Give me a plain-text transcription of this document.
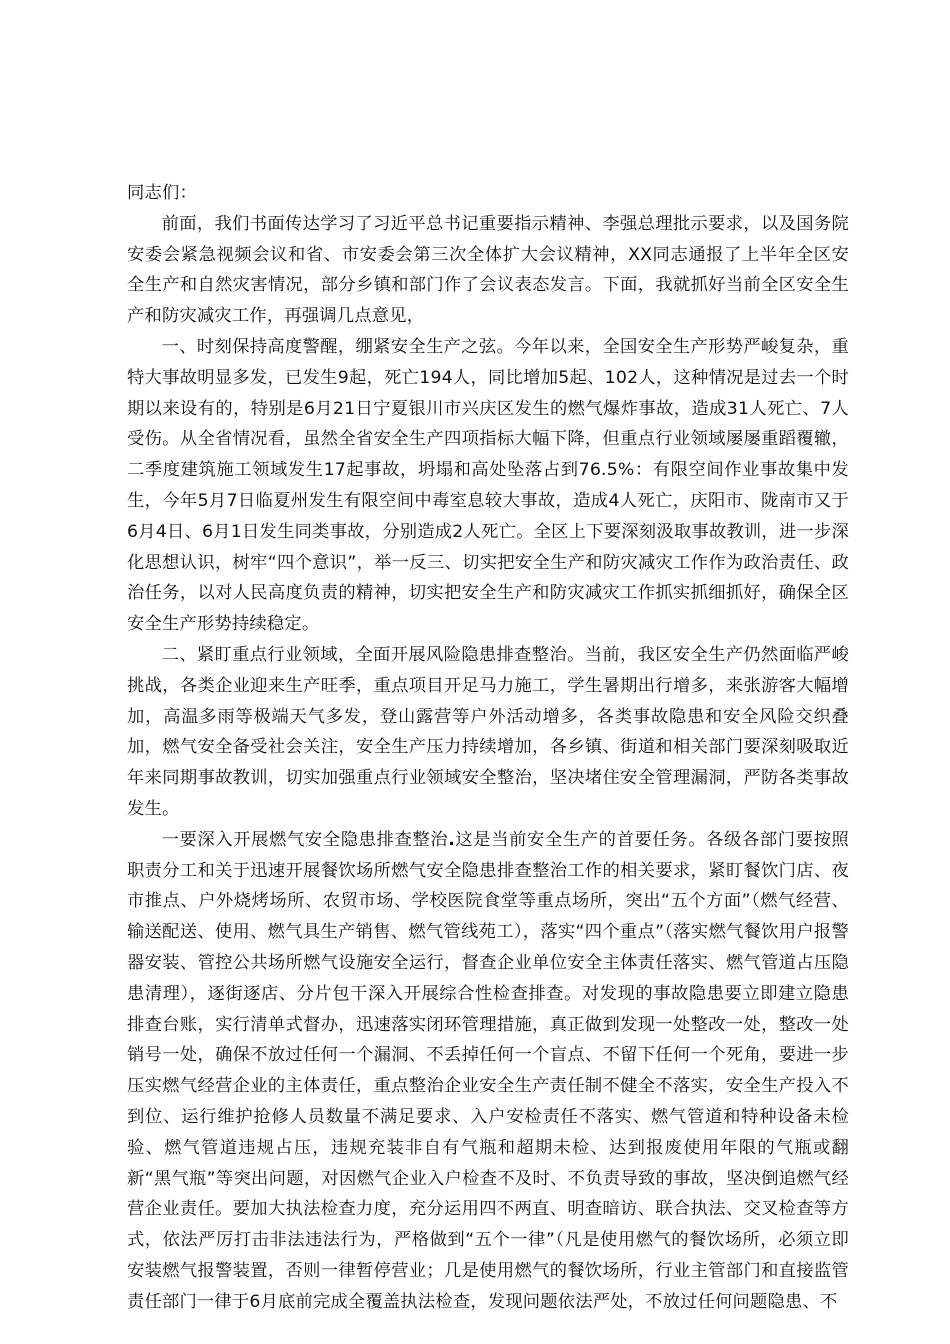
同志们：

前面，我们书面传达学习了习近平总书记重要指示精神、李强总理批示要求，以及国务院安委会紧急视频会议和省、市安委会第三次全体扩大会议精神，XX同志通报了上半年全区安全生产和自然灾害情况，部分乡镇和部门作了会议表态发言。下面，我就抓好当前全区安全生产和防灾减灾工作，再强调几点意见，

一、时刻保持高度警醒，绷紧安全生产之弦。今年以来，全国安全生产形势严峻复杂，重特大事故明显多发，已发生9起，死亡194人，同比增加5起、102人，这种情况是过去一个时期以来设有的，特别是6月21日宁夏银川市兴庆区发生的燃气爆炸事故，造成31人死亡、7人受伤。从全省情况看，虽然全省安全生产四项指标大幅下降，但重点行业领域屡屡重蹈覆辙，二季度建筑施工领域发生17起事故，坍塌和高处坠落占到76.5%：有限空间作业事故集中发生，今年5月7日临夏州发生有限空间中毒室息较大事故，造成4人死亡，庆阳市、陇南市又于6月4日、6月1日发生同类事故，分别造成2人死亡。全区上下要深刻汲取事故教训，进一步深化思想认识，树牢“四个意识”，举一反三、切实把安全生产和防灾减灾工作作为政治责任、政治任务，以对人民高度负责的精神，切实把安全生产和防灾减灾工作抓实抓细抓好，确保全区安全生产形势持续稳定。

二、紧盯重点行业领域，全面开展风险隐患排查整治。当前，我区安全生产仍然面临严峻挑战，各类企业迎来生产旺季，重点项目开足马力施工，学生暑期出行增多，来张游客大幅增加，高温多雨等极端天气多发，登山露营等户外活动增多，各类事故隐患和安全风险交织叠加，燃气安全备受社会关注，安全生产压力持续增加，各乡镇、街道和相关部门要深刻吸取近年来同期事故教训，切实加强重点行业领域安全整治，坚决堵住安全管理漏洞，严防各类事故发生。

一要深入开展燃气安全隐患排查整治.这是当前安全生产的首要任务。各级各部门要按照职责分工和关于迅速开展餐饮场所燃气安全隐患排查整治工作的相关要求，紧盯餐饮门店、夜市推点、户外烧烤场所、农贸市场、学校医院食堂等重点场所，突出“五个方面”（燃气经营、输送配送、使用、燃气具生产销售、燃气管线苑工），落实“四个重点”（落实燃气餐饮用户报警器安装、管控公共场所燃气设施安全运行，督查企业单位安全主体责任落实、燃气管道占压隐患清理），逐街逐店、分片包干深入开展综合性检查排查。对发现的事故隐患要立即建立隐患排查台账，实行清单式督办，迅速落实闭环管理措施，真正做到发现一处整改一处，整改一处销号一处，确保不放过任何一个漏洞、不丢掉任何一个盲点、不留下任何一个死角，要进一步压实燃气经营企业的主体责任，重点整治企业安全生产责任制不健全不落实，安全生产投入不到位、运行维护抢修人员数量不满足要求、入户安检责任不落实、燃气管道和特种设备未检验、燃气管道违规占压，违规充装非自有气瓶和超期未检、达到报废使用年限的气瓶或翻新“黑气瓶”等突出问题，对因燃气企业入户检查不及时、不负责导致的事故，坚决倒追燃气经营企业责任。要加大执法检查力度，充分运用四不两直、明查暗访、联合执法、交叉检查等方式，依法严厉打击非法违法行为，严格做到“五个一律”（凡是使用燃气的餐饮场所，必须立即安装燃气报警装置，否则一律暂停营业；几是使用燃气的餐饮场所，行业主管部门和直接监管责任部门一律于6月底前完成全覆盖执法检查，发现问题依法严处，不放过任何问题隐患、不
